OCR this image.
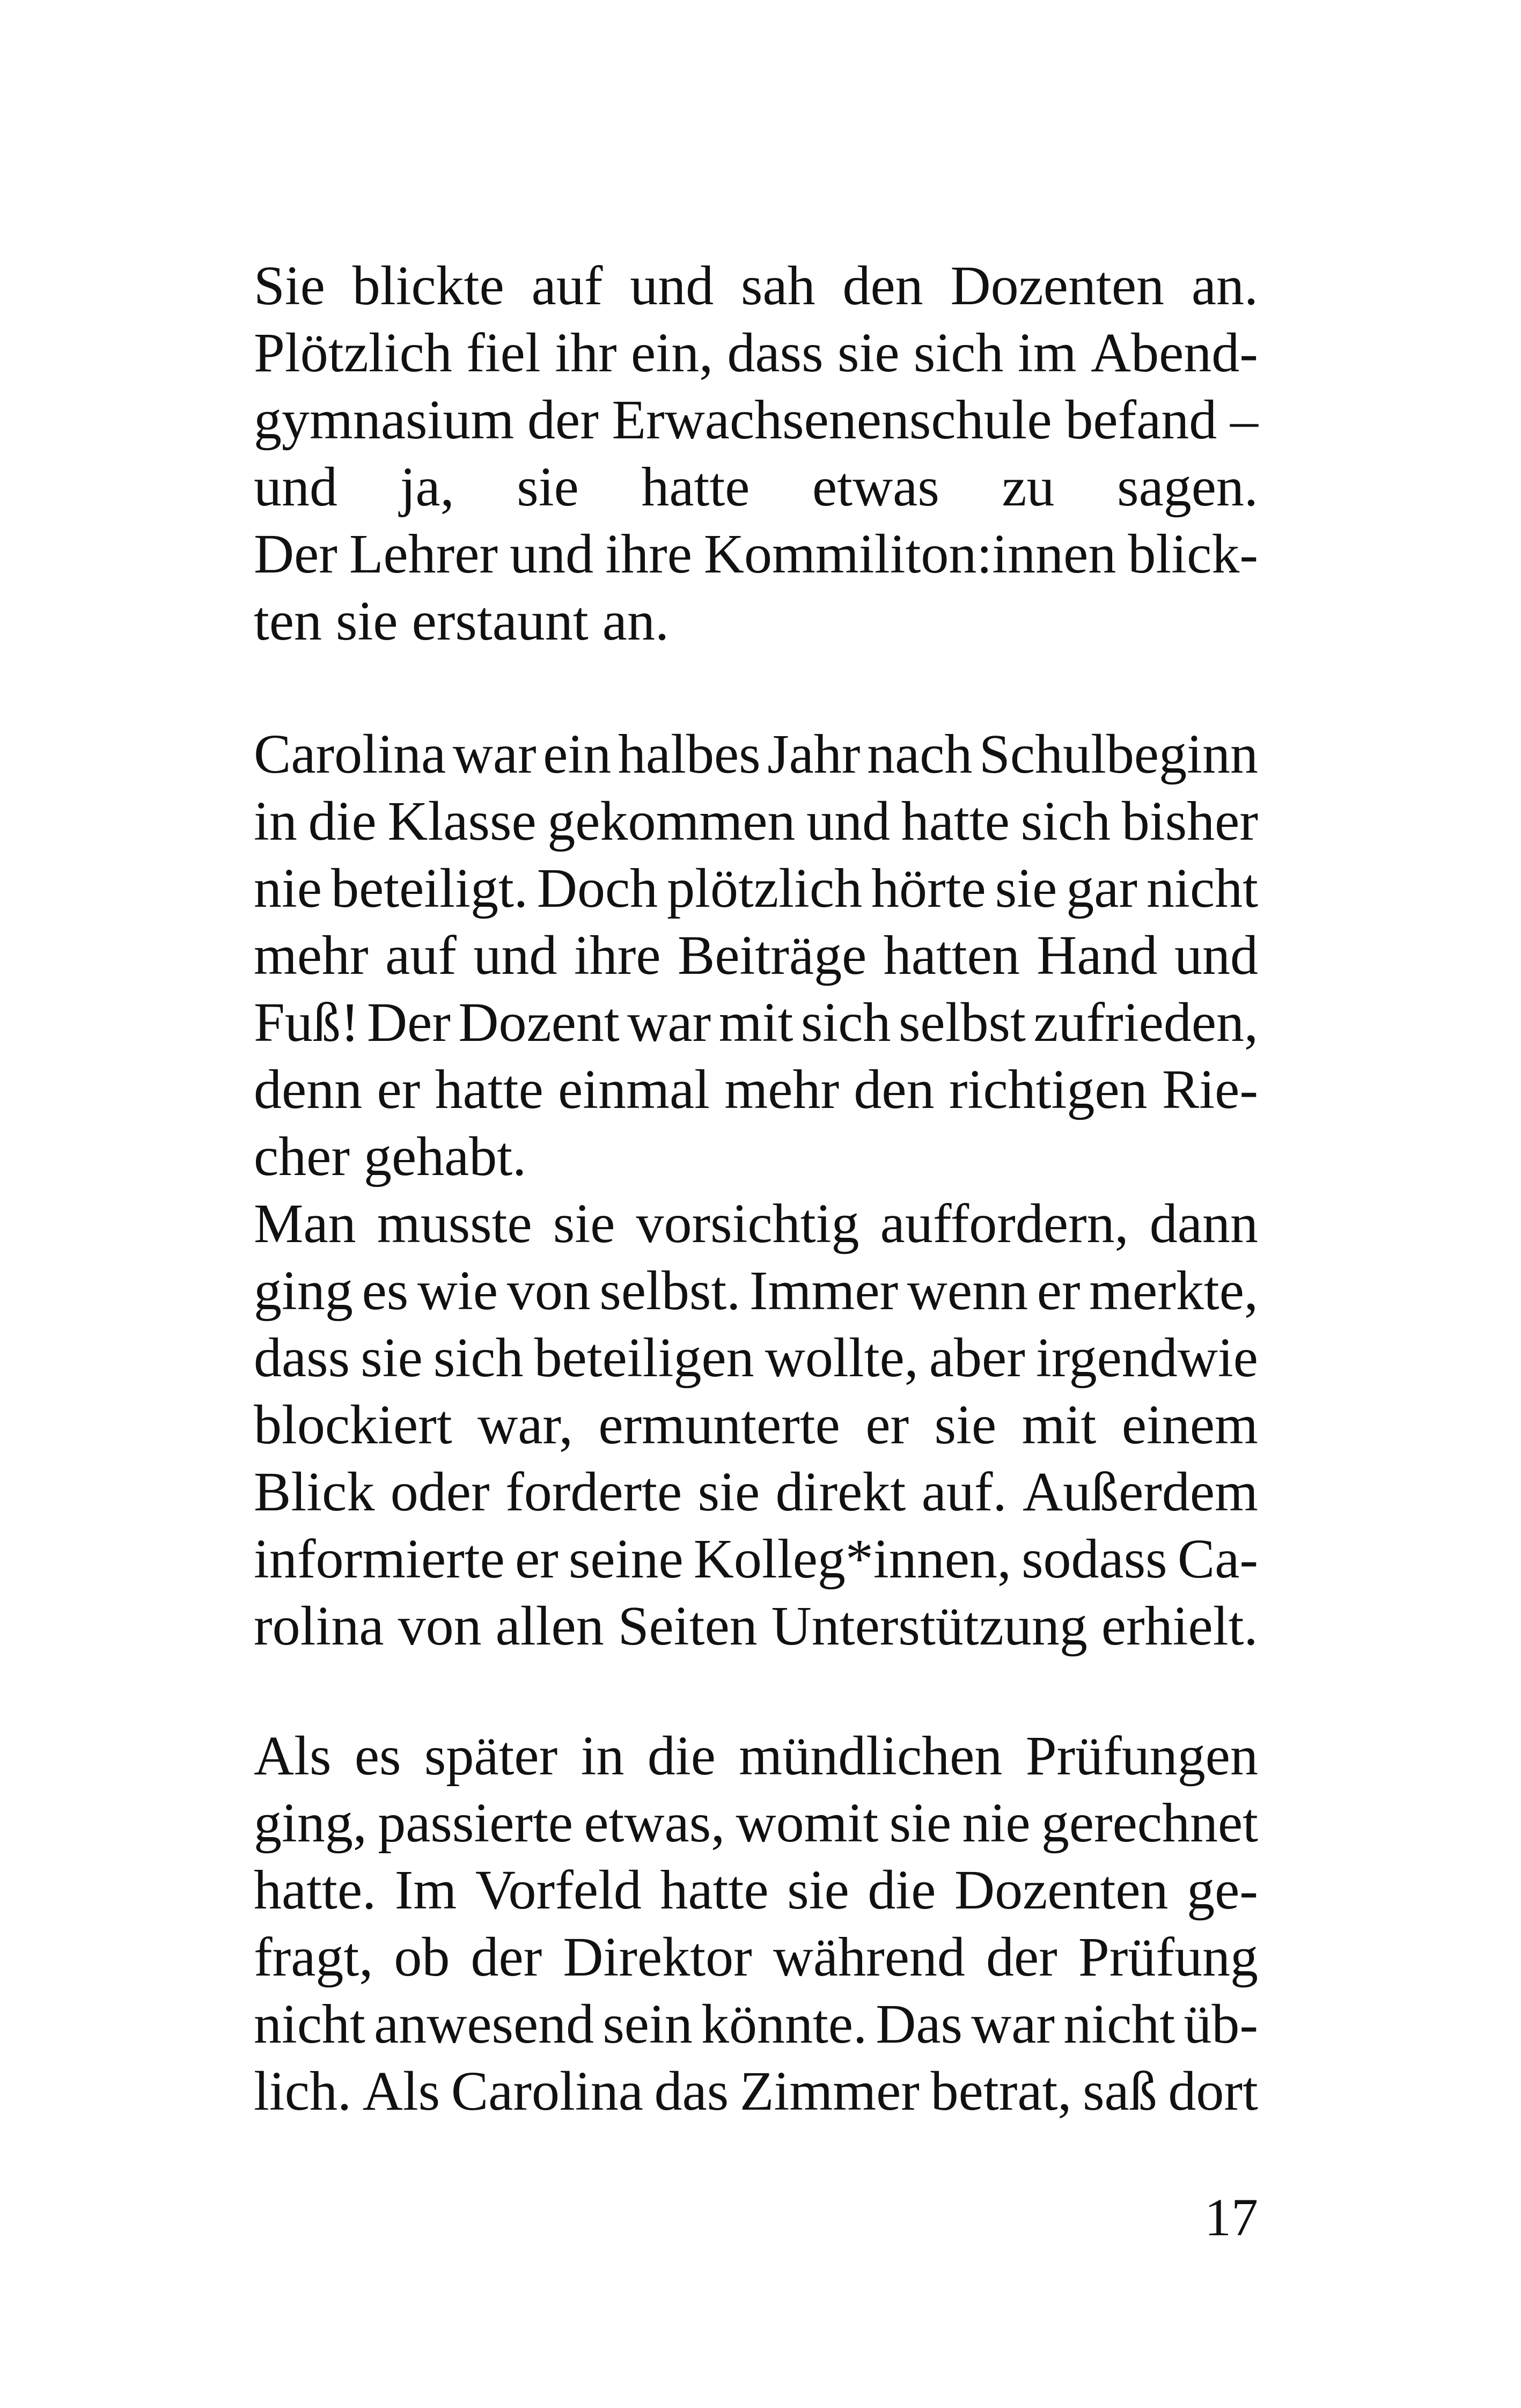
Sie blickte auf und sah den Dozenten an.
Plötzlich fiel ihr ein, dass sie sich im Abend-
gymnasium der Erwachsenenschule befand –
und ja, sie hatte etwas zu sagen.
Der Lehrer und ihre Kommiliton:innen blick-
ten sie erstaunt an.
Carolina war ein halbes Jahr nach Schulbeginn
in die Klasse gekommen und hatte sich bisher
nie beteiligt. Doch plötzlich hörte sie gar nicht
mehr auf und ihre Beiträge hatten Hand und
Fuß! Der Dozent war mit sich selbst zufrieden,
denn er hatte einmal mehr den richtigen Rie-
cher gehabt.
Man musste sie vorsichtig auffordern, dann
ging es wie von selbst. Immer wenn er merkte,
dass sie sich beteiligen wollte, aber irgendwie
blockiert war, ermunterte er sie mit einem
Blick oder forderte sie direkt auf. Außerdem
informierte er seine Kolleg*innen, sodass Ca-
rolina von allen Seiten Unterstützung erhielt.
Als es später in die mündlichen Prüfungen
ging, passierte etwas, womit sie nie gerechnet
hatte. Im Vorfeld hatte sie die Dozenten ge-
fragt, ob der Direktor während der Prüfung
nicht anwesend sein könnte. Das war nicht üb-
lich. Als Carolina das Zimmer betrat, saß dort
17
